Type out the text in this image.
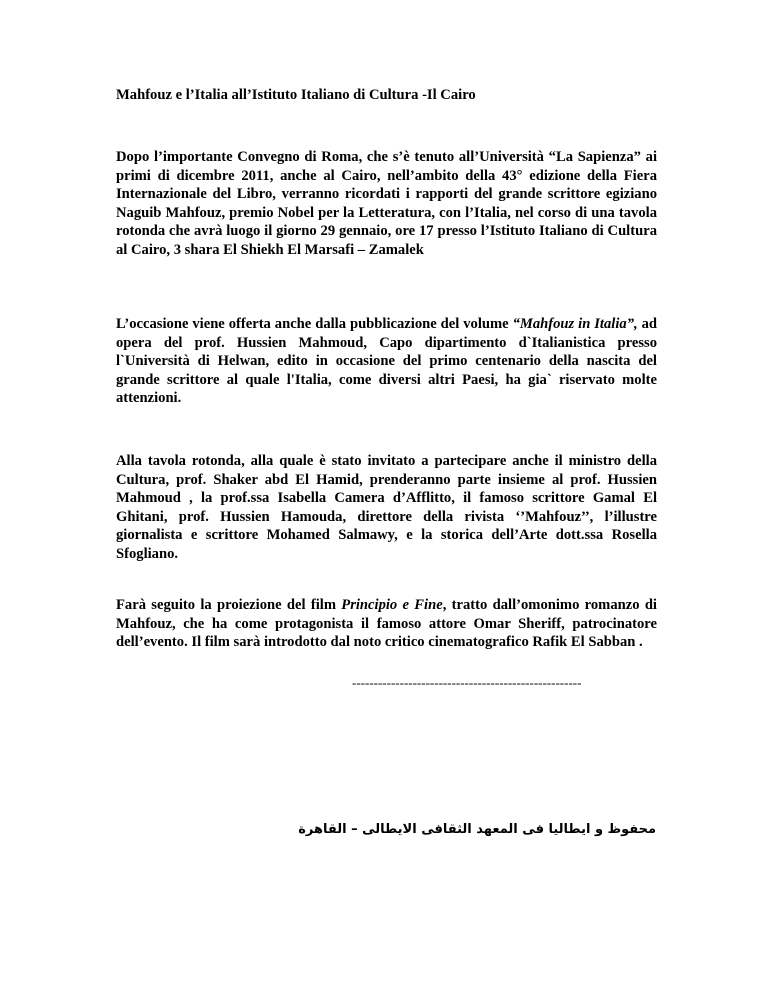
Mahfouz e l’Italia all’Istituto Italiano di Cultura -Il Cairo
Dopo l’importante Convegno di Roma, che s’è tenuto all’Università “La Sapienza” ai primi di dicembre 2011, anche al Cairo, nell’ambito della 43° edizione della Fiera Internazionale del Libro, verranno ricordati i rapporti del grande scrittore egiziano Naguib Mahfouz, premio Nobel per la Letteratura, con l’Italia, nel corso di una tavola rotonda che avrà luogo il giorno 29 gennaio, ore 17 presso l’Istituto Italiano di Cultura al Cairo, 3 shara El Shiekh El Marsafi – Zamalek
L’occasione viene offerta anche dalla pubblicazione del volume “Mahfouz in Italia”, ad opera del prof. Hussien Mahmoud, Capo dipartimento d`Italianistica presso l`Università di Helwan, edito in occasione del primo centenario della nascita del grande scrittore al quale l'Italia, come diversi altri Paesi, ha gia` riservato molte attenzioni.
Alla tavola rotonda, alla quale è stato invitato a partecipare anche il ministro della Cultura, prof. Shaker abd El Hamid, prenderanno parte insieme al prof. Hussien Mahmoud , la prof.ssa Isabella Camera d’Afflitto, il famoso scrittore Gamal El Ghitani, prof. Hussien Hamouda, direttore della rivista ‘’Mahfouz’’, l’illustre giornalista e scrittore Mohamed Salmawy, e la storica dell’Arte dott.ssa Rosella Sfogliano.
Farà seguito la proiezione del film Principio e Fine, tratto dall’omonimo romanzo di Mahfouz, che ha come protagonista il famoso attore Omar Sheriff, patrocinatore dell’evento. Il film sarà introdotto dal noto critico cinematografico Rafik El Sabban .
-----------------------------------------------------
محفوظ و ايطاليا فى المعهد الثقافى الايطالى – القاهرة
